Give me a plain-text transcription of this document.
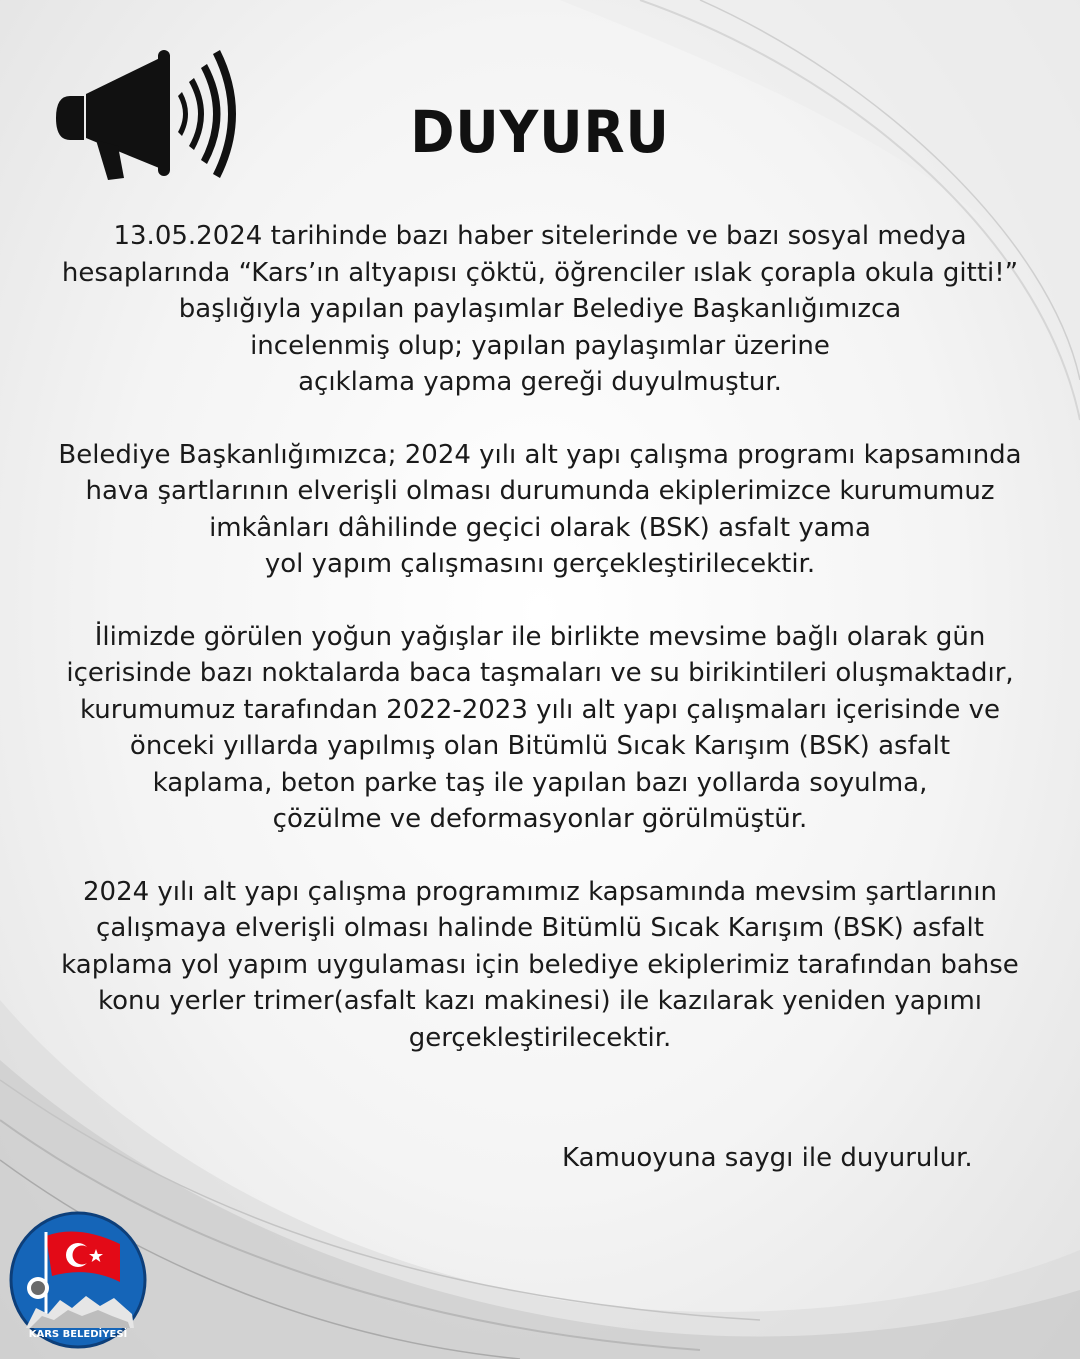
DUYURU
13.05.2024 tarihinde bazı haber sitelerinde ve bazı sosyal medya
hesaplarında “Kars’ın altyapısı çöktü, öğrenciler ıslak çorapla okula gitti!”
başlığıyla yapılan paylaşımlar Belediye Başkanlığımızca
incelenmiş olup; yapılan paylaşımlar üzerine
açıklama yapma gereği duyulmuştur.
Belediye Başkanlığımızca; 2024 yılı alt yapı çalışma programı kapsamında
hava şartlarının elverişli olması durumunda ekiplerimizce kurumumuz
imkânları dâhilinde geçici olarak (BSK) asfalt yama
yol yapım çalışmasını gerçekleştirilecektir.
İlimizde görülen yoğun yağışlar ile birlikte mevsime bağlı olarak gün
içerisinde bazı noktalarda baca taşmaları ve su birikintileri oluşmaktadır,
kurumumuz tarafından 2022-2023 yılı alt yapı çalışmaları içerisinde ve
önceki yıllarda yapılmış olan Bitümlü Sıcak Karışım (BSK) asfalt
kaplama, beton parke taş ile yapılan bazı yollarda soyulma,
çözülme ve deformasyonlar görülmüştür.
2024 yılı alt yapı çalışma programımız kapsamında mevsim şartlarının
çalışmaya elverişli olması halinde Bitümlü Sıcak Karışım (BSK) asfalt
kaplama yol yapım uygulaması için belediye ekiplerimiz tarafından bahse
konu yerler trimer(asfalt kazı makinesi) ile kazılarak yeniden yapımı
gerçekleştirilecektir.
Kamuoyuna saygı ile duyurulur.
KARS BELEDİYESİ
